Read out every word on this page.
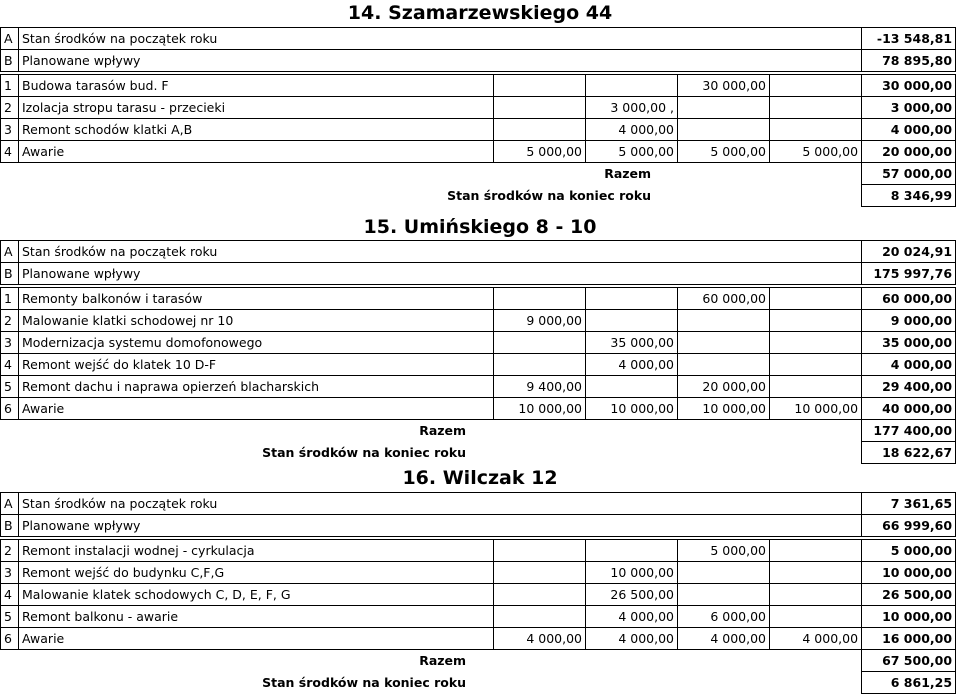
14. Szamarzewskiego 44
A	Stan środków na początek roku					-13 548,81
B	Planowane wpływy					78 895,80

1	Budowa tarasów bud. F			30 000,00		30 000,00
2	Izolacja stropu tarasu - przecieki		3 000,00 ,			3 000,00
3	Remont schodów klatki A,B		4 000,00			4 000,00
4	Awarie	5 000,00	5 000,00	5 000,00	5 000,00	20 000,00
Razem						57 000,00
Stan środków na koniec roku						8 346,99
15. Umińskiego 8 - 10
A	Stan środków na początek roku					20 024,91
B	Planowane wpływy					175 997,76

1	Remonty balkonów i tarasów			60 000,00		60 000,00
2	Malowanie klatki schodowej nr 10	9 000,00				9 000,00
3	Modernizacja systemu domofonowego		35 000,00			35 000,00
4	Remont wejść do klatek 10 D-F		4 000,00			4 000,00
5	Remont dachu i naprawa opierzeń blacharskich	9 400,00		20 000,00		29 400,00
6	Awarie	10 000,00	10 000,00	10 000,00	10 000,00	40 000,00
Razem						177 400,00
Stan środków na koniec roku						18 622,67
16. Wilczak 12
A	Stan środków na początek roku					7 361,65
B	Planowane wpływy					66 999,60

2	Remont instalacji wodnej - cyrkulacja			5 000,00		5 000,00
3	Remont wejść do budynku C,F,G		10 000,00			10 000,00
4	Malowanie klatek schodowych C, D, E, F, G		26 500,00			26 500,00
5	Remont balkonu - awarie		4 000,00	6 000,00		10 000,00
6	Awarie	4 000,00	4 000,00	4 000,00	4 000,00	16 000,00
Razem						67 500,00
Stan środków na koniec roku						6 861,25
